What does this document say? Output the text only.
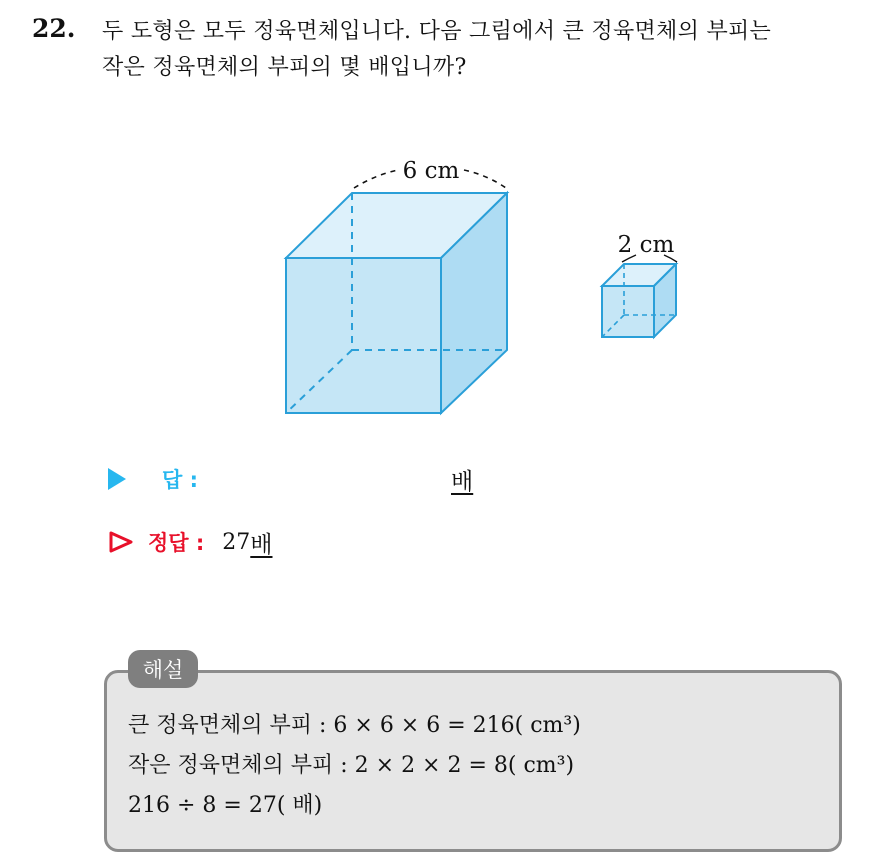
22. 두 도형은 모두 정육면체입니다. 다음 그림에서 큰 정육면체의 부피는
작은 정육면체의 부피의 몇 배입니까?
6 cm
2 cm
답 :	배
정답 : 27 배
해설
큰 정육면체의 부피 : 6 × 6 × 6 = 216( cm³)
작은 정육면체의 부피 : 2 × 2 × 2 = 8( cm³)
216 ÷ 8 = 27( 배)
